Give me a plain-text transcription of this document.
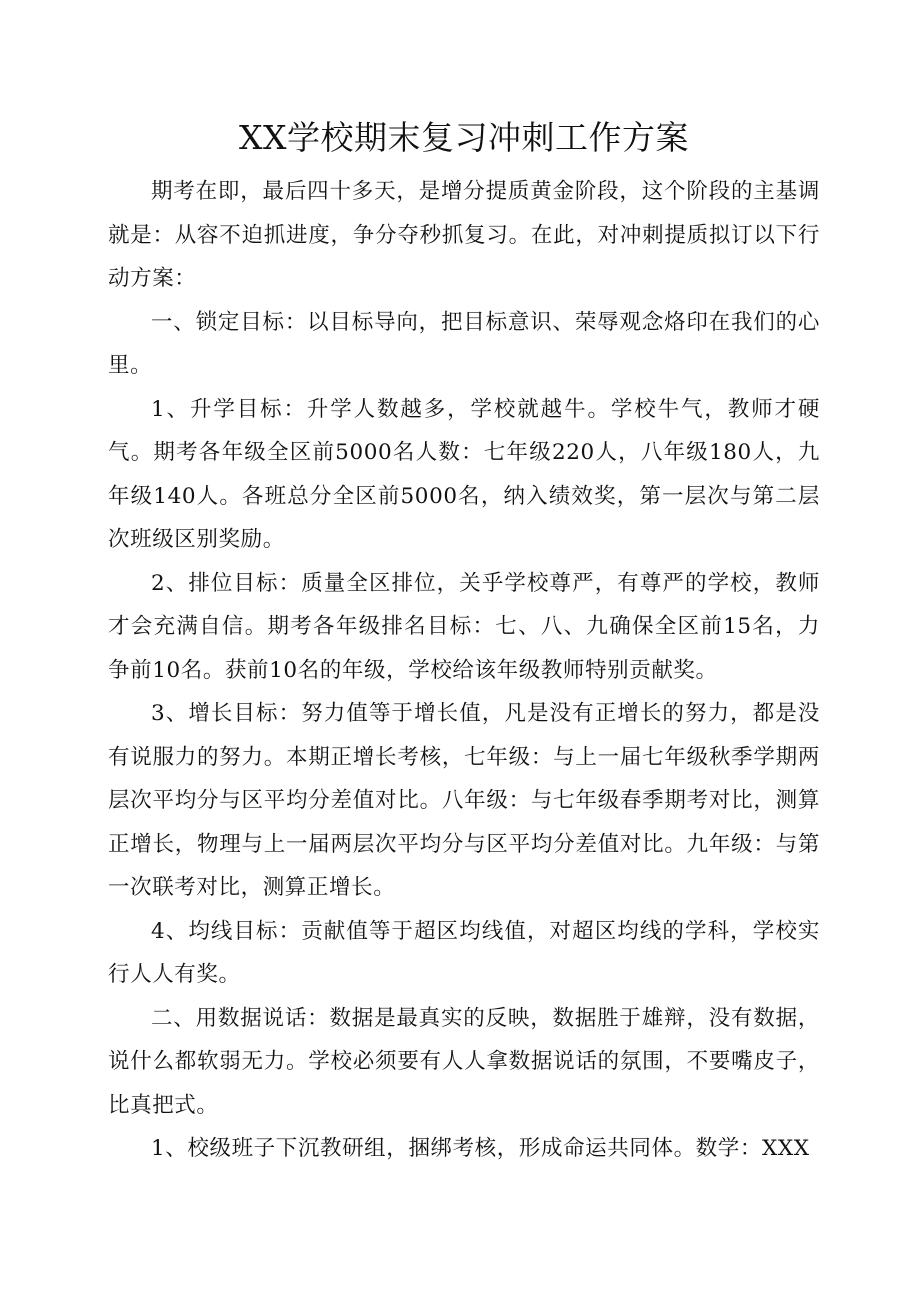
XX学校期末复习冲刺工作方案

期考在即，最后四十多天，是增分提质黄金阶段，这个阶段的主基调就是：从容不迫抓进度，争分夺秒抓复习。在此，对冲刺提质拟订以下行动方案：

一、锁定目标：以目标导向，把目标意识、荣辱观念烙印在我们的心里。

1、升学目标：升学人数越多，学校就越牛。学校牛气，教师才硬气。期考各年级全区前5000名人数：七年级220人，八年级180人，九年级140人。各班总分全区前5000名，纳入绩效奖，第一层次与第二层次班级区别奖励。

2、排位目标：质量全区排位，关乎学校尊严，有尊严的学校，教师才会充满自信。期考各年级排名目标：七、八、九确保全区前15名，力争前10名。获前10名的年级，学校给该年级教师特别贡献奖。

3、增长目标：努力值等于增长值，凡是没有正增长的努力，都是没有说服力的努力。本期正增长考核，七年级：与上一届七年级秋季学期两层次平均分与区平均分差值对比。八年级：与七年级春季期考对比，测算正增长，物理与上一届两层次平均分与区平均分差值对比。九年级：与第一次联考对比，测算正增长。

4、均线目标：贡献值等于超区均线值，对超区均线的学科，学校实行人人有奖。

二、用数据说话：数据是最真实的反映，数据胜于雄辩，没有数据，说什么都软弱无力。学校必须要有人人拿数据说话的氛围，不要嘴皮子，比真把式。

1、校级班子下沉教研组，捆绑考核，形成命运共同体。数学：XXX
